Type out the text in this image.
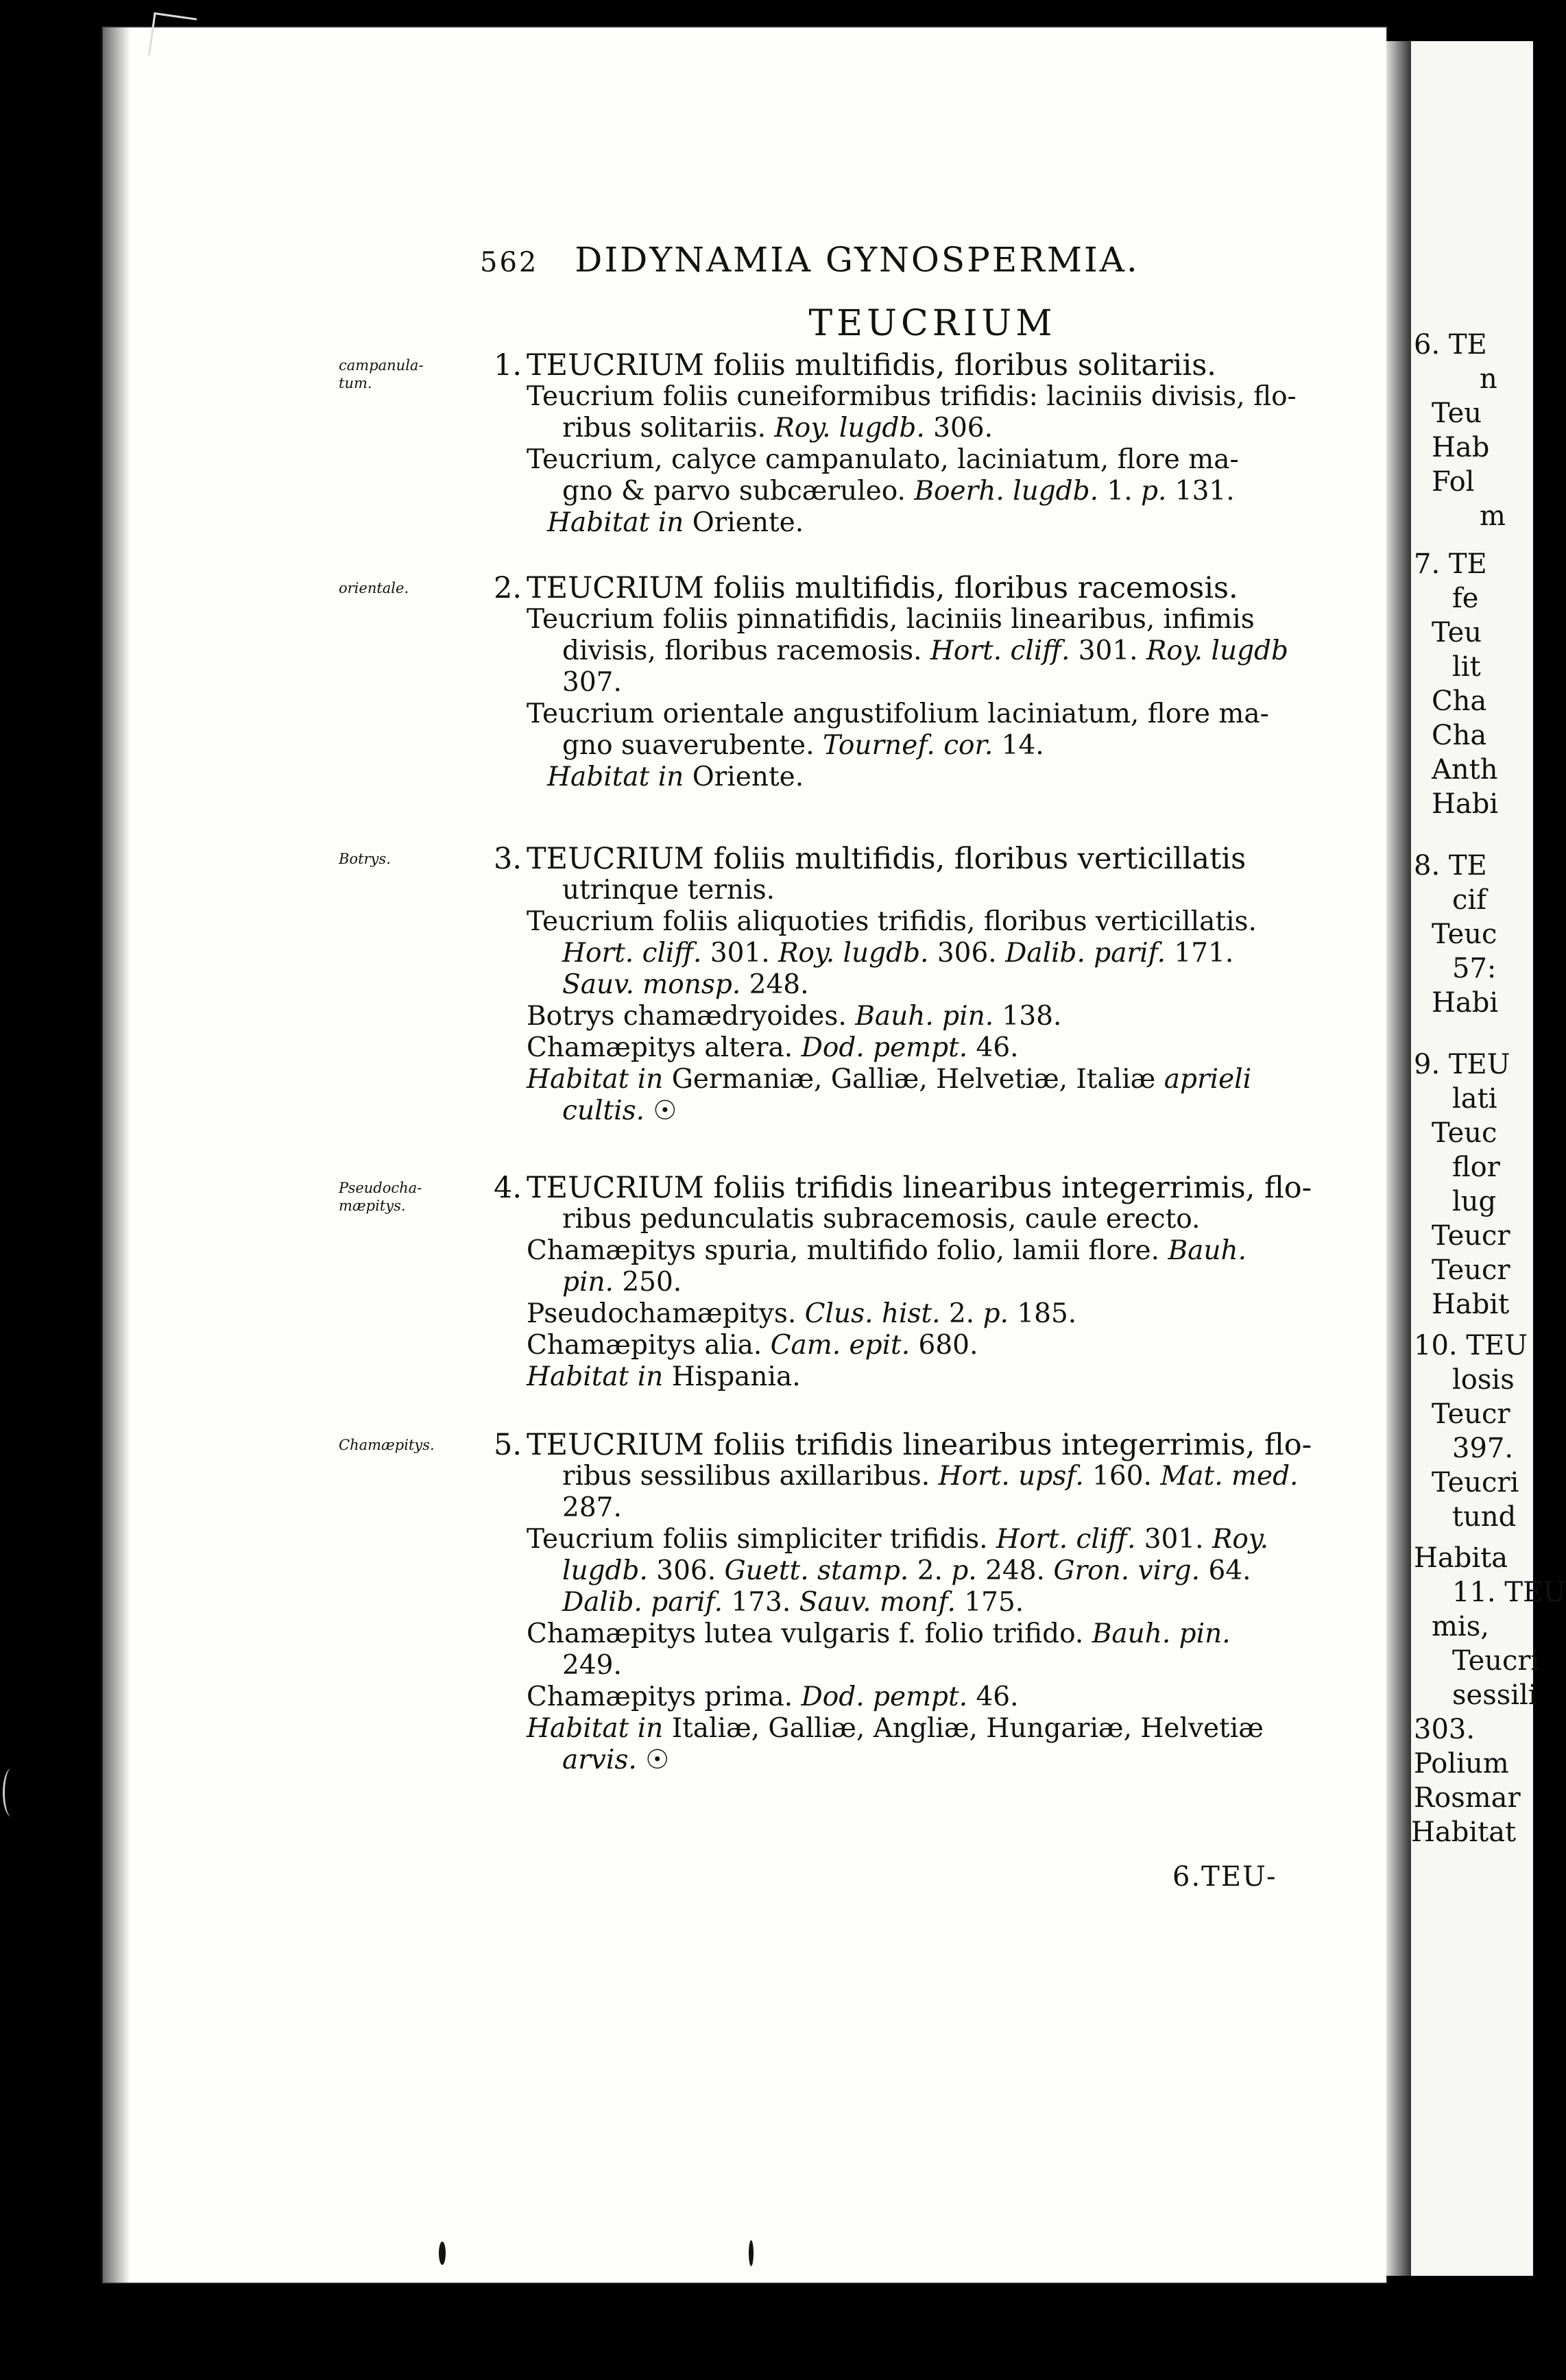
6. TE
n
Teu
Hab
Fol
m
7. TE
fe
Teu
lit
Cha
Cha
Anth
Habi
8. TE
cif
Teuc
57:
Habi
9. TEU
lati
Teuc
flor
lug
Teucr
Teucr
Habit
10. TEU
losis
Teucr
397.
Teucri
tund
Habita
11. TEU
mis,
Teucri
sessili
303.
Polium
Rosmar
Habitat
562 DIDYNAMIA GYNOSPERMIA.
TEUCRIUM
campanula-
tum.
1. TEUCRIUM foliis multifidis, floribus solitariis.
Teucrium foliis cuneiformibus trifidis: laciniis divisis, flo-
ribus solitariis. Roy. lugdb. 306.
Teucrium, calyce campanulato, laciniatum, flore ma-
gno & parvo subcæruleo. Boerh. lugdb. 1. p. 131.
Habitat in Oriente.
orientale.	2. TEUCRIUM foliis multifidis, floribus racemosis.
Teucrium foliis pinnatifidis, laciniis linearibus, infimis
divisis, floribus racemosis. Hort. cliff. 301. Roy. lugdb
307.
Teucrium orientale angustifolium laciniatum, flore ma-
gno suaverubente. Tournef. cor. 14.
Habitat in Oriente.
Botrys.	3. TEUCRIUM foliis multifidis, floribus verticillatis
utrinque ternis.
Teucrium foliis aliquoties trifidis, floribus verticillatis.
Hort. cliff. 301. Roy. lugdb. 306. Dalib. parif. 171.
Sauv. monsp. 248.
Botrys chamædryoides. Bauh. pin. 138.
Chamæpitys altera. Dod. pempt. 46.
Habitat in Germaniæ, Galliæ, Helvetiæ, Italiæ aprieli
cultis. ☉
Pseudocha-
mæpitys.
4. TEUCRIUM foliis trifidis linearibus integerrimis, flo-
ribus pedunculatis subracemosis, caule erecto.
Chamæpitys spuria, multifido folio, lamii flore. Bauh.
pin. 250.
Pseudochamæpitys. Clus. hist. 2. p. 185.
Chamæpitys alia. Cam. epit. 680.
Habitat in Hispania.
Chamæpitys.	5. TEUCRIUM foliis trifidis linearibus integerrimis, flo-
ribus sessilibus axillaribus. Hort. upsf. 160. Mat. med.
287.
Teucrium foliis simpliciter trifidis. Hort. cliff. 301. Roy.
lugdb. 306. Guett. stamp. 2. p. 248. Gron. virg. 64.
Dalib. parif. 173. Sauv. monf. 175.
Chamæpitys lutea vulgaris f. folio trifido. Bauh. pin.
249.
Chamæpitys prima. Dod. pempt. 46.
Habitat in Italiæ, Galliæ, Angliæ, Hungariæ, Helvetiæ
arvis. ☉
6.TEU-
